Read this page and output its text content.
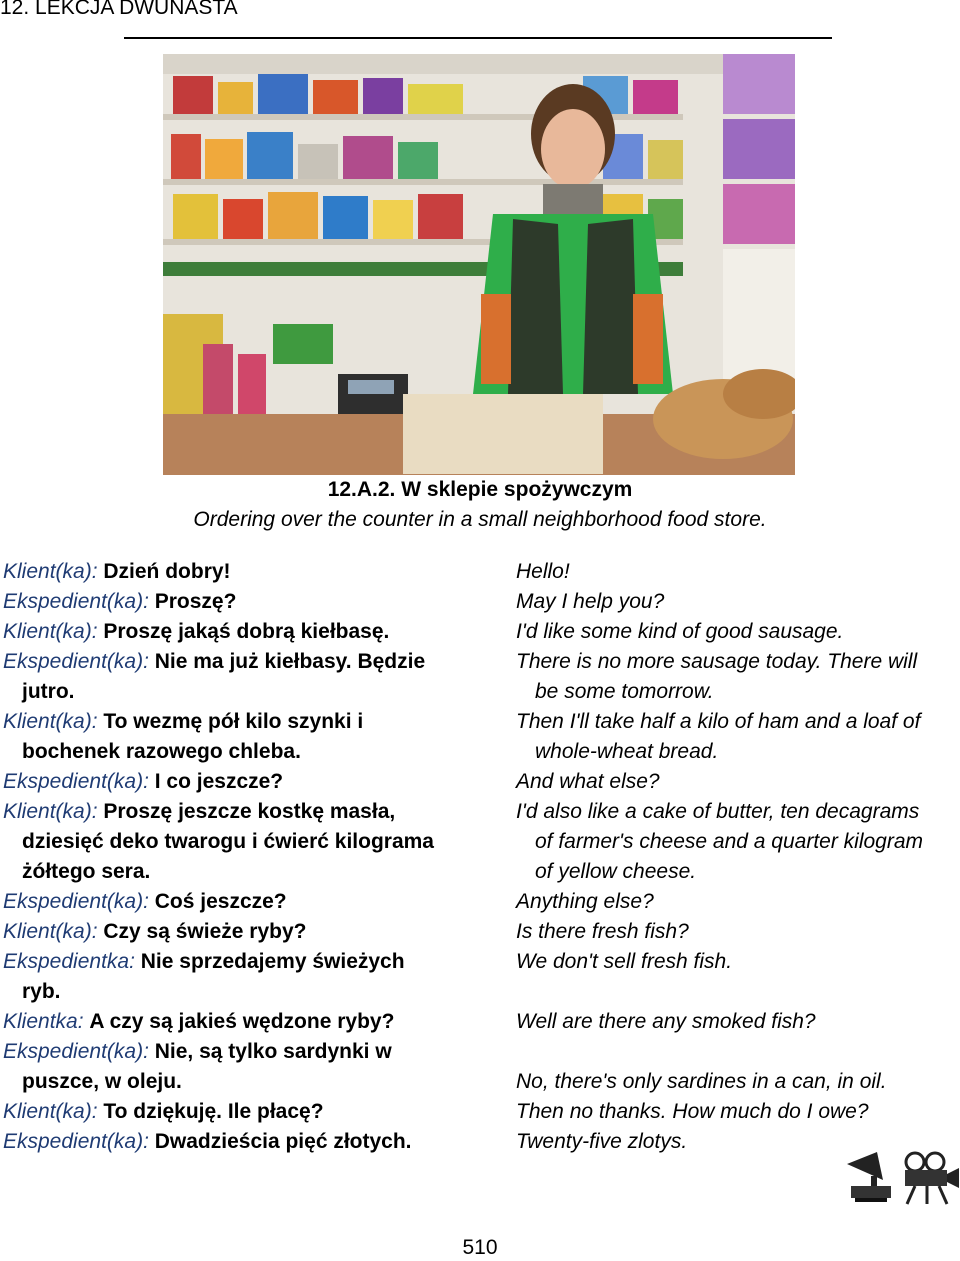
12. LEKCJA DWUNASTA
12.A.2. W sklepie spożywczym
Ordering over the counter in a small neighborhood food store.
Klient(ka): Dzień dobry!
Ekspedient(ka): Proszę?
Klient(ka): Proszę jakąś dobrą kiełbasę.
Ekspedient(ka): Nie ma już kiełbasy. Będzie
jutro.
Klient(ka): To wezmę pół kilo szynki i
bochenek razowego chleba.
Ekspedient(ka): I co jeszcze?
Klient(ka): Proszę jeszcze kostkę masła,
dziesięć deko twarogu i ćwierć kilograma
żółtego sera.
Ekspedient(ka): Coś jeszcze?
Klient(ka): Czy są świeże ryby?
Ekspedientka: Nie sprzedajemy świeżych
ryb.
Klientka: A czy są jakieś wędzone ryby?
Ekspedient(ka): Nie, są tylko sardynki w
puszce, w oleju.
Klient(ka): To dziękuję. Ile płacę?
Ekspedient(ka): Dwadzieścia pięć złotych.
Hello!
May I help you?
I'd like some kind of good sausage.
There is no more sausage today. There will
be some tomorrow.
Then I'll take half a kilo of ham and a loaf of
whole-wheat bread.
And what else?
I'd also like a cake of butter, ten decagrams
of farmer's cheese and a quarter kilogram
of yellow cheese.
Anything else?
Is there fresh fish?
We don't sell fresh fish.
Well are there any smoked fish?
No, there's only sardines in a can, in oil.
Then no thanks. How much do I owe?
Twenty-five zlotys.
510
